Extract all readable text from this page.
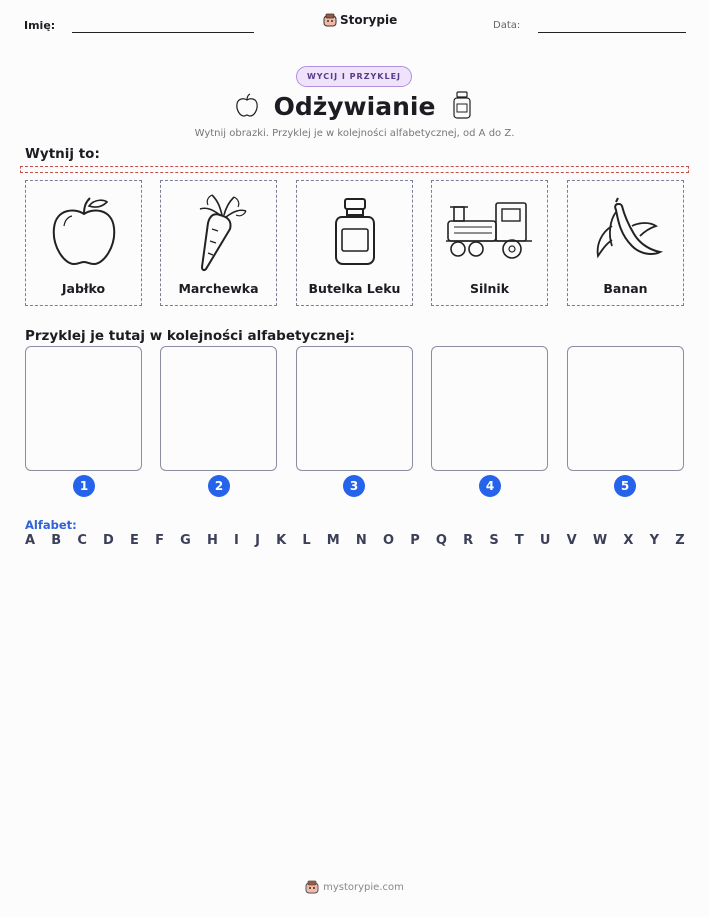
Imię:	Storypie	Data:
WYCIJ I PRZYKLEJ
Odżywianie
Wytnij obrazki. Przyklej je w kolejności alfabetycznej, od A do Z.
Wytnij to:
Jabłko	Marchewka	Butelka Leku	Silnik	Banan
Przyklej je tutaj w kolejności alfabetycznej:
1	2	3	4	5
Alfabet:
A B C D E F G H I J K L M N O P Q R S T U V W X Y Z
mystorypie.com
